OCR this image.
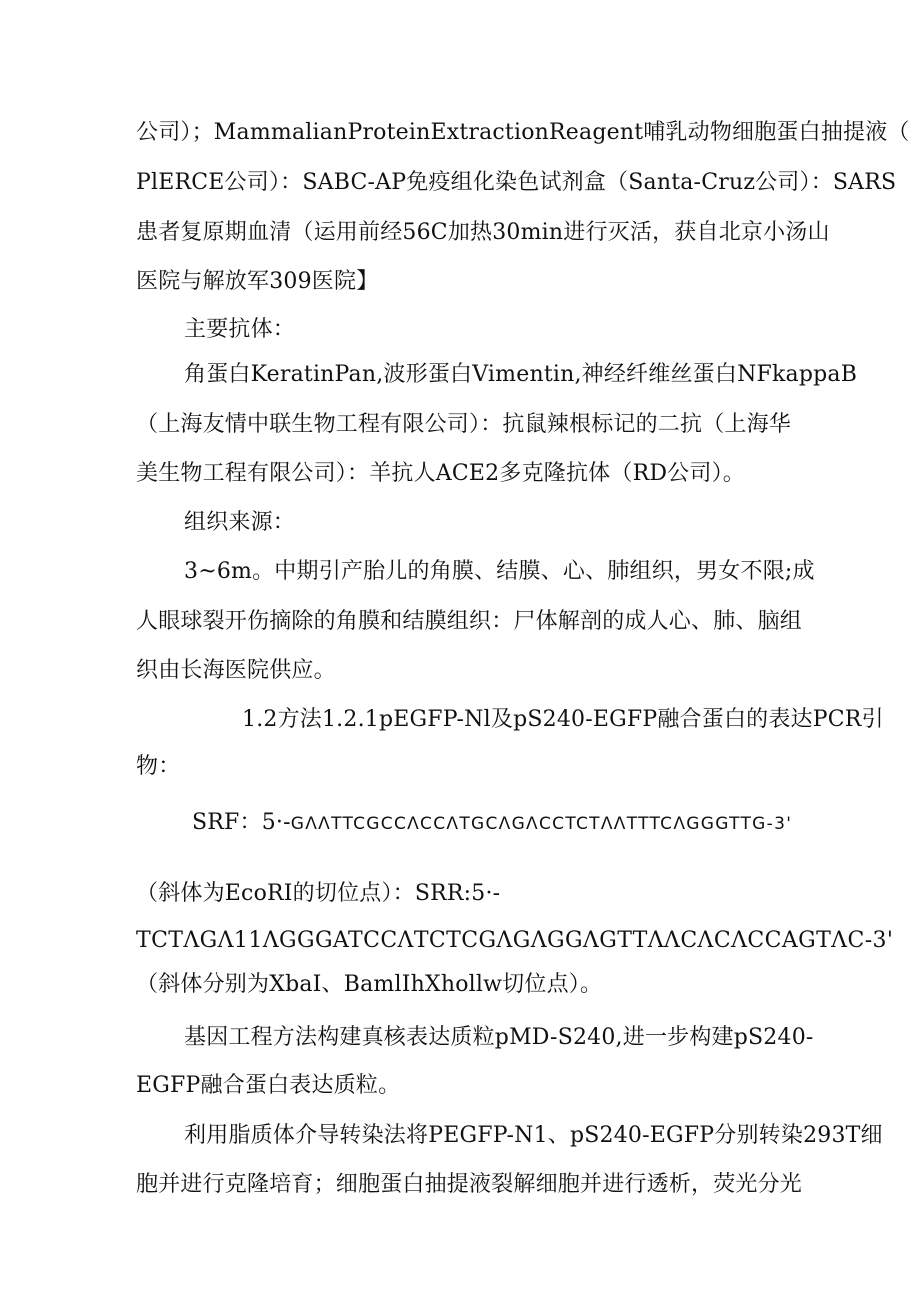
公司）；MammalianProteinExtractionReagent哺乳动物细胞蛋白抽提液（
PlERCE公司）：SABC-AP免疫组化染色试剂盒（Santa-Cruz公司）：SARS
患者复原期血清（运用前经56C加热30min进行灭活，获自北京小汤山
医院与解放军309医院】
主要抗体：
角蛋白KeratinPan,波形蛋白Vimentin,神经纤维丝蛋白NFkappaB
（上海友情中联生物工程有限公司）：抗鼠辣根标记的二抗（上海华
美生物工程有限公司）：羊抗人ACE2多克隆抗体（RD公司）。
组织来源：
3~6m。中期引产胎儿的角膜、结膜、心、肺组织，男女不限;成
人眼球裂开伤摘除的角膜和结膜组织：尸体解剖的成人心、肺、脑组
织由长海医院供应。
1.2方法1.2.1pEGFP-Nl及pS240-EGFP融合蛋白的表达PCR引
物：
SRF：5·-GΛΛTTCGCCΛCCΛTGCΛGΛCCTCTΛΛTTTCΛGGGTTG-3'
（斜体为EcoRI的切位点）：SRR:5·-
TCTΛGΛ11ΛGGGATCCΛTCTCGΛGΛGGΛGTTΛΛCΛCΛCCAGTΛC-3'
（斜体分别为XbaI、BamlIhXhollw切位点）。
基因工程方法构建真核表达质粒pMD-S240,进一步构建pS240-
EGFP融合蛋白表达质粒。
利用脂质体介导转染法将PEGFP-N1、pS240-EGFP分别转染293T细
胞并进行克隆培育；细胞蛋白抽提液裂解细胞并进行透析，荧光分光
